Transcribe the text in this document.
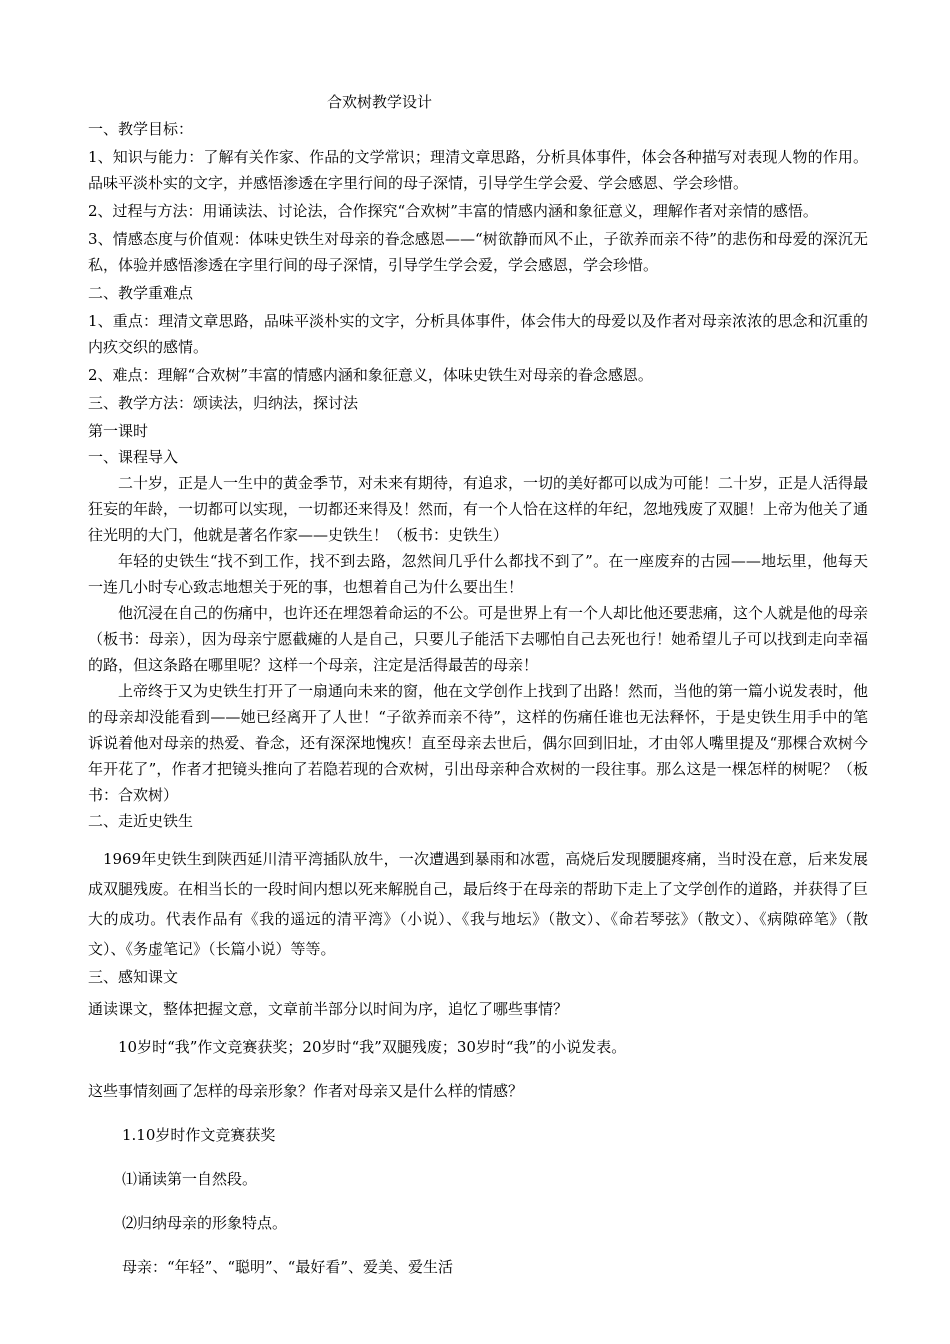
合欢树教学设计

一、教学目标：

1、知识与能力：了解有关作家、作品的文学常识；理清文章思路，分析具体事件，体会各种描写对表现人物的作用。品味平淡朴实的文字，并感悟渗透在字里行间的母子深情，引导学生学会爱、学会感恩、学会珍惜。

2、过程与方法：用诵读法、讨论法，合作探究“合欢树”丰富的情感内涵和象征意义，理解作者对亲情的感悟。

3、情感态度与价值观：体味史铁生对母亲的眷念感恩——“树欲静而风不止，子欲养而亲不待”的悲伤和母爱的深沉无私，体验并感悟渗透在字里行间的母子深情，引导学生学会爱，学会感恩，学会珍惜。

二、教学重难点

1、重点：理清文章思路，品味平淡朴实的文字，分析具体事件，体会伟大的母爱以及作者对母亲浓浓的思念和沉重的内疚交织的感情。

2、难点：理解“合欢树”丰富的情感内涵和象征意义，体味史铁生对母亲的眷念感恩。

三、教学方法：颂读法，归纳法，探讨法

第一课时

一、课程导入

二十岁，正是人一生中的黄金季节，对未来有期待，有追求，一切的美好都可以成为可能！二十岁，正是人活得最狂妄的年龄，一切都可以实现，一切都还来得及！然而，有一个人恰在这样的年纪，忽地残废了双腿！上帝为他关了通往光明的大门，他就是著名作家——史铁生！（板书：史铁生）

年轻的史铁生“找不到工作，找不到去路，忽然间几乎什么都找不到了”。在一座废弃的古园——地坛里，他每天一连几小时专心致志地想关于死的事，也想着自己为什么要出生！

他沉浸在自己的伤痛中，也许还在埋怨着命运的不公。可是世界上有一个人却比他还要悲痛，这个人就是他的母亲（板书：母亲），因为母亲宁愿截瘫的人是自己，只要儿子能活下去哪怕自己去死也行！她希望儿子可以找到走向幸福的路，但这条路在哪里呢？这样一个母亲，注定是活得最苦的母亲！

上帝终于又为史铁生打开了一扇通向未来的窗，他在文学创作上找到了出路！然而，当他的第一篇小说发表时，他的母亲却没能看到——她已经离开了人世！“子欲养而亲不待”，这样的伤痛任谁也无法释怀，于是史铁生用手中的笔诉说着他对母亲的热爱、眷念，还有深深地愧疚！直至母亲去世后，偶尔回到旧址，才由邻人嘴里提及“那棵合欢树今年开花了”，作者才把镜头推向了若隐若现的合欢树，引出母亲种合欢树的一段往事。那么这是一棵怎样的树呢？（板书：合欢树）

二、走近史铁生

1969年史铁生到陕西延川清平湾插队放牛，一次遭遇到暴雨和冰雹，高烧后发现腰腿疼痛，当时没在意，后来发展成双腿残废。在相当长的一段时间内想以死来解脱自己，最后终于在母亲的帮助下走上了文学创作的道路，并获得了巨大的成功。代表作品有《我的遥远的清平湾》（小说）、《我与地坛》（散文）、《命若琴弦》（散文）、《病隙碎笔》（散文）、《务虚笔记》（长篇小说）等等。

三、感知课文

通读课文，整体把握文意，文章前半部分以时间为序，追忆了哪些事情？

10岁时“我”作文竞赛获奖；20岁时“我”双腿残废；30岁时“我”的小说发表。

这些事情刻画了怎样的母亲形象？作者对母亲又是什么样的情感？

1.10岁时作文竞赛获奖

⑴诵读第一自然段。

⑵归纳母亲的形象特点。

母亲：“年轻”、“聪明”、“最好看”、爱美、爱生活
